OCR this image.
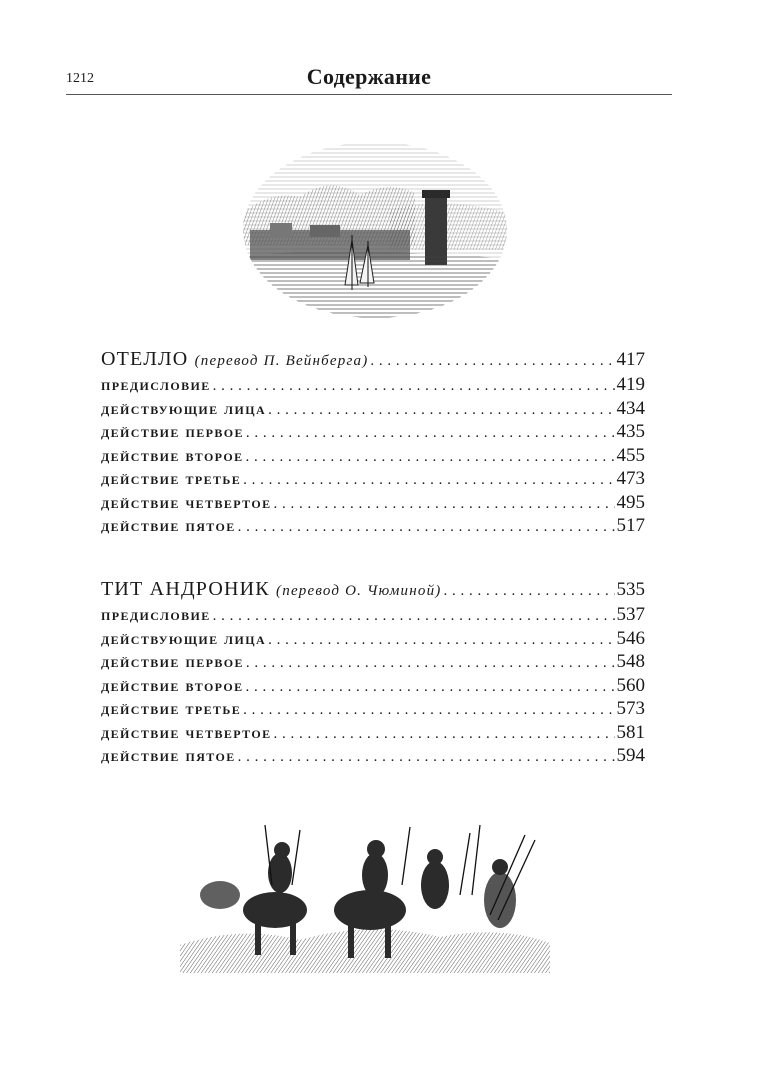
1212	Содержание
ОТЕЛЛО (перевод П. Вейнберга) . . .	417
предисловие . . .	419
действующие лица . . .	434
действие первое . . .	435
действие второе . . .	455
действие третье . . .	473
действие четвертое . . .	495
действие пятое . . .	517
ТИТ АНДРОНИК (перевод О. Чюминой) . . .	535
предисловие . . .	537
действующие лица . . .	546
действие первое . . .	548
действие второе . . .	560
действие третье . . .	573
действие четвертое . . .	581
действие пятое . . .	594
